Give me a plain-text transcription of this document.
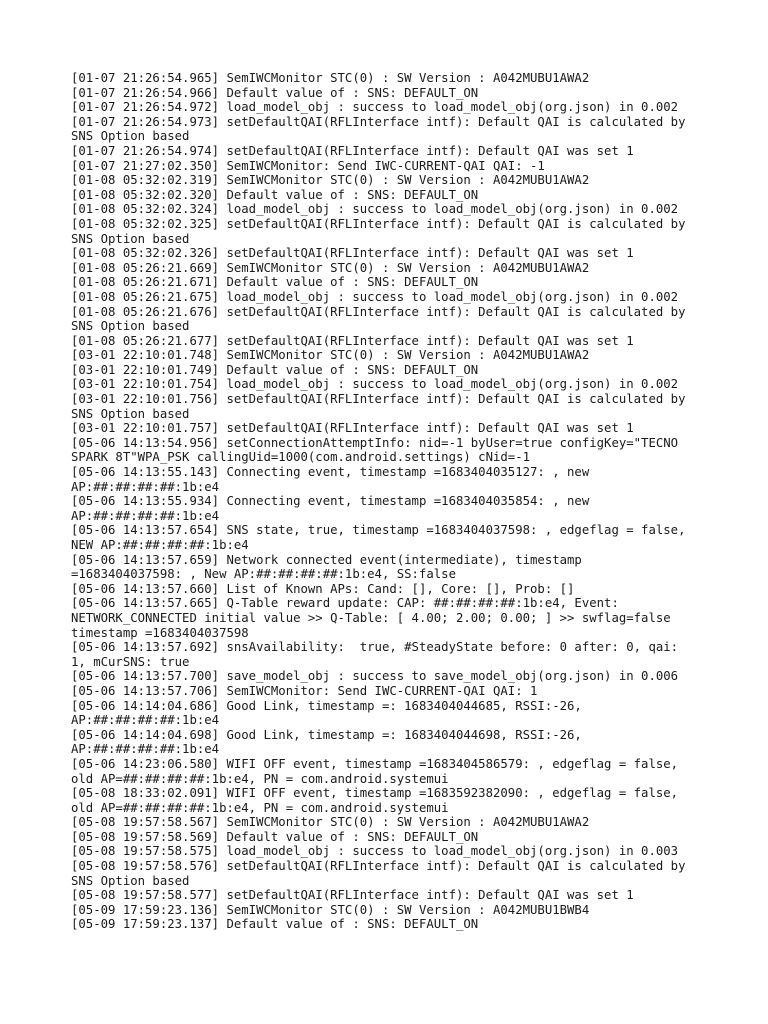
[01-07 21:26:54.965] SemIWCMonitor STC(0) : SW Version : A042MUBU1AWA2
[01-07 21:26:54.966] Default value of : SNS: DEFAULT_ON
[01-07 21:26:54.972] load_model_obj : success to load_model_obj(org.json) in 0.002
[01-07 21:26:54.973] setDefaultQAI(RFLInterface intf): Default QAI is calculated by
SNS Option based
[01-07 21:26:54.974] setDefaultQAI(RFLInterface intf): Default QAI was set 1
[01-07 21:27:02.350] SemIWCMonitor: Send IWC-CURRENT-QAI QAI: -1
[01-08 05:32:02.319] SemIWCMonitor STC(0) : SW Version : A042MUBU1AWA2
[01-08 05:32:02.320] Default value of : SNS: DEFAULT_ON
[01-08 05:32:02.324] load_model_obj : success to load_model_obj(org.json) in 0.002
[01-08 05:32:02.325] setDefaultQAI(RFLInterface intf): Default QAI is calculated by
SNS Option based
[01-08 05:32:02.326] setDefaultQAI(RFLInterface intf): Default QAI was set 1
[01-08 05:26:21.669] SemIWCMonitor STC(0) : SW Version : A042MUBU1AWA2
[01-08 05:26:21.671] Default value of : SNS: DEFAULT_ON
[01-08 05:26:21.675] load_model_obj : success to load_model_obj(org.json) in 0.002
[01-08 05:26:21.676] setDefaultQAI(RFLInterface intf): Default QAI is calculated by
SNS Option based
[01-08 05:26:21.677] setDefaultQAI(RFLInterface intf): Default QAI was set 1
[03-01 22:10:01.748] SemIWCMonitor STC(0) : SW Version : A042MUBU1AWA2
[03-01 22:10:01.749] Default value of : SNS: DEFAULT_ON
[03-01 22:10:01.754] load_model_obj : success to load_model_obj(org.json) in 0.002
[03-01 22:10:01.756] setDefaultQAI(RFLInterface intf): Default QAI is calculated by
SNS Option based
[03-01 22:10:01.757] setDefaultQAI(RFLInterface intf): Default QAI was set 1
[05-06 14:13:54.956] setConnectionAttemptInfo: nid=-1 byUser=true configKey="TECNO
SPARK 8T"WPA_PSK callingUid=1000(com.android.settings) cNid=-1
[05-06 14:13:55.143] Connecting event, timestamp =1683404035127: , new
AP:##:##:##:##:1b:e4
[05-06 14:13:55.934] Connecting event, timestamp =1683404035854: , new
AP:##:##:##:##:1b:e4
[05-06 14:13:57.654] SNS state, true, timestamp =1683404037598: , edgeflag = false,
NEW AP:##:##:##:##:1b:e4
[05-06 14:13:57.659] Network connected event(intermediate), timestamp
=1683404037598: , New AP:##:##:##:##:1b:e4, SS:false
[05-06 14:13:57.660] List of Known APs: Cand: [], Core: [], Prob: []
[05-06 14:13:57.665] Q-Table reward update: CAP: ##:##:##:##:1b:e4, Event:
NETWORK_CONNECTED initial value >> Q-Table: [ 4.00; 2.00; 0.00; ] >> swflag=false
timestamp =1683404037598
[05-06 14:13:57.692] snsAvailability:  true, #SteadyState before: 0 after: 0, qai:
1, mCurSNS: true
[05-06 14:13:57.700] save_model_obj : success to save_model_obj(org.json) in 0.006
[05-06 14:13:57.706] SemIWCMonitor: Send IWC-CURRENT-QAI QAI: 1
[05-06 14:14:04.686] Good Link, timestamp =: 1683404044685, RSSI:-26,
AP:##:##:##:##:1b:e4
[05-06 14:14:04.698] Good Link, timestamp =: 1683404044698, RSSI:-26,
AP:##:##:##:##:1b:e4
[05-06 14:23:06.580] WIFI OFF event, timestamp =1683404586579: , edgeflag = false,
old AP=##:##:##:##:1b:e4, PN = com.android.systemui
[05-08 18:33:02.091] WIFI OFF event, timestamp =1683592382090: , edgeflag = false,
old AP=##:##:##:##:1b:e4, PN = com.android.systemui
[05-08 19:57:58.567] SemIWCMonitor STC(0) : SW Version : A042MUBU1AWA2
[05-08 19:57:58.569] Default value of : SNS: DEFAULT_ON
[05-08 19:57:58.575] load_model_obj : success to load_model_obj(org.json) in 0.003
[05-08 19:57:58.576] setDefaultQAI(RFLInterface intf): Default QAI is calculated by
SNS Option based
[05-08 19:57:58.577] setDefaultQAI(RFLInterface intf): Default QAI was set 1
[05-09 17:59:23.136] SemIWCMonitor STC(0) : SW Version : A042MUBU1BWB4
[05-09 17:59:23.137] Default value of : SNS: DEFAULT_ON
